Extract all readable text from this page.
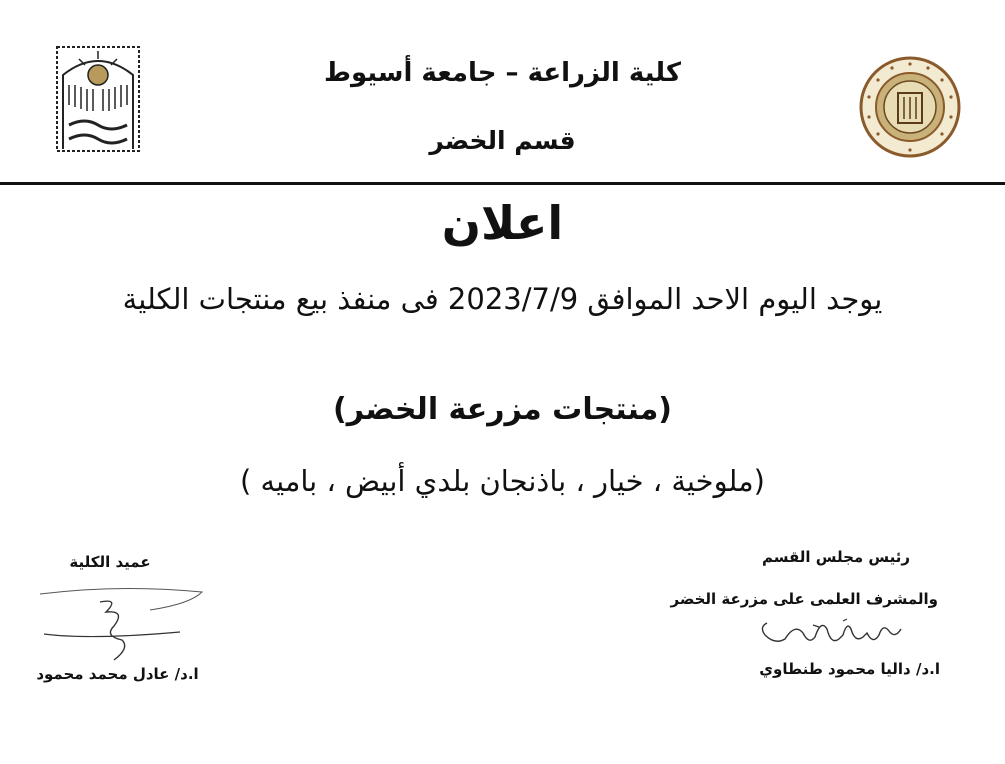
كلية الزراعة – جامعة أسيوط
قسم الخضر
اعلان
يوجد اليوم الاحد الموافق 2023/7/9 فى منفذ بيع منتجات الكلية
(منتجات مزرعة الخضر)
(ملوخية ، خيار ، باذنجان بلدي أبيض ، باميه )
رئيس مجلس القسم
والمشرف العلمى على مزرعة الخضر
ا.د/ داليا محمود طنطاوي
عميد الكلية
ا.د/ عادل محمد محمود
